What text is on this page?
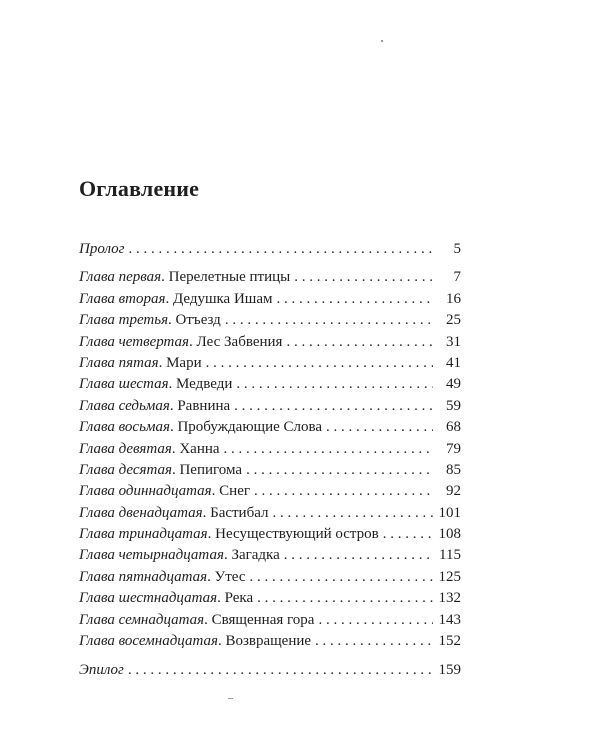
Оглавление
Пролог . . .	5
Глава первая. Перелетные птицы . . .	7
Глава вторая. Дедушка Ишам . . .	16
Глава третья. Отъезд . . .	25
Глава четвертая. Лес Забвения . . .	31
Глава пятая. Мари . . .	41
Глава шестая. Медведи . . .	49
Глава седьмая. Равнина . . .	59
Глава восьмая. Пробуждающие Слова . . .	68
Глава девятая. Ханна . . .	79
Глава десятая. Пепигома . . .	85
Глава одиннадцатая. Снег . . .	92
Глава двенадцатая. Бастибал . . .	101
Глава тринадцатая. Несуществующий остров . . .	108
Глава четырнадцатая. Загадка . . .	115
Глава пятнадцатая. Утес . . .	125
Глава шестнадцатая. Река . . .	132
Глава семнадцатая. Священная гора . . .	143
Глава восемнадцатая. Возвращение . . .	152
Эпилог . . .	159
